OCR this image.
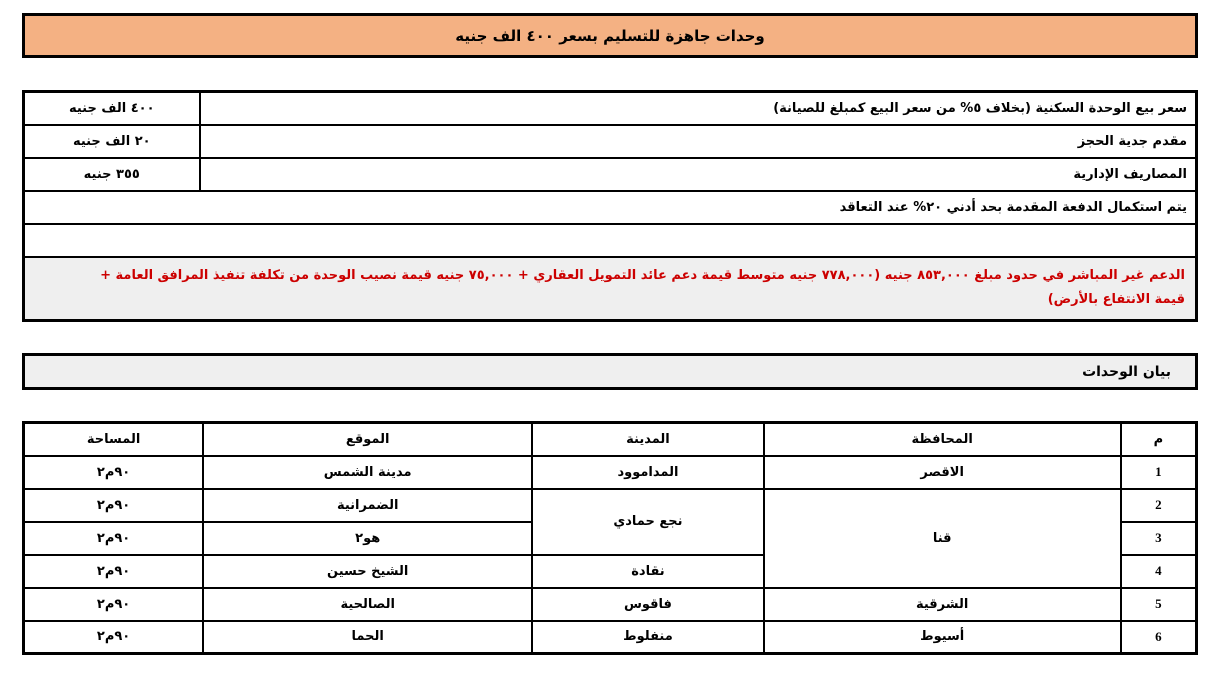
وحدات جاهزة للتسليم بسعر ٤٠٠ الف جنيه
سعر بيع الوحدة السكنية (بخلاف ٥% من سعر البيع كمبلغ للصيانة)	٤٠٠ الف جنيه
مقدم جدية الحجز	٢٠ الف جنيه
المصاريف الإدارية	٣٥٥ جنيه
يتم استكمال الدفعة المقدمة بحد أدني ٢٠% عند التعاقد	

الدعم غير المباشر في حدود مبلغ ٨٥٣,٠٠٠ جنيه (٧٧٨,٠٠٠ جنيه متوسط قيمة دعم عائد التمويل العقاري + ٧٥,٠٠٠ جنيه قيمة نصيب الوحدة من تكلفة تنفيذ المرافق العامة +
قيمة الانتفاع بالأرض)	
بيان الوحدات
م	المحافظة	المدينة	الموقع	المساحة
1	الاقصر	المداموود	مدينة الشمس	٩٠م٢
2	قنا	نجع حمادي	الضمرانية	٩٠م٢
3			هو٢	٩٠م٢
4		نقادة	الشيخ حسين	٩٠م٢
5	الشرقية	فاقوس	الصالحية	٩٠م٢
6	أسيوط	منفلوط	الحما	٩٠م٢
